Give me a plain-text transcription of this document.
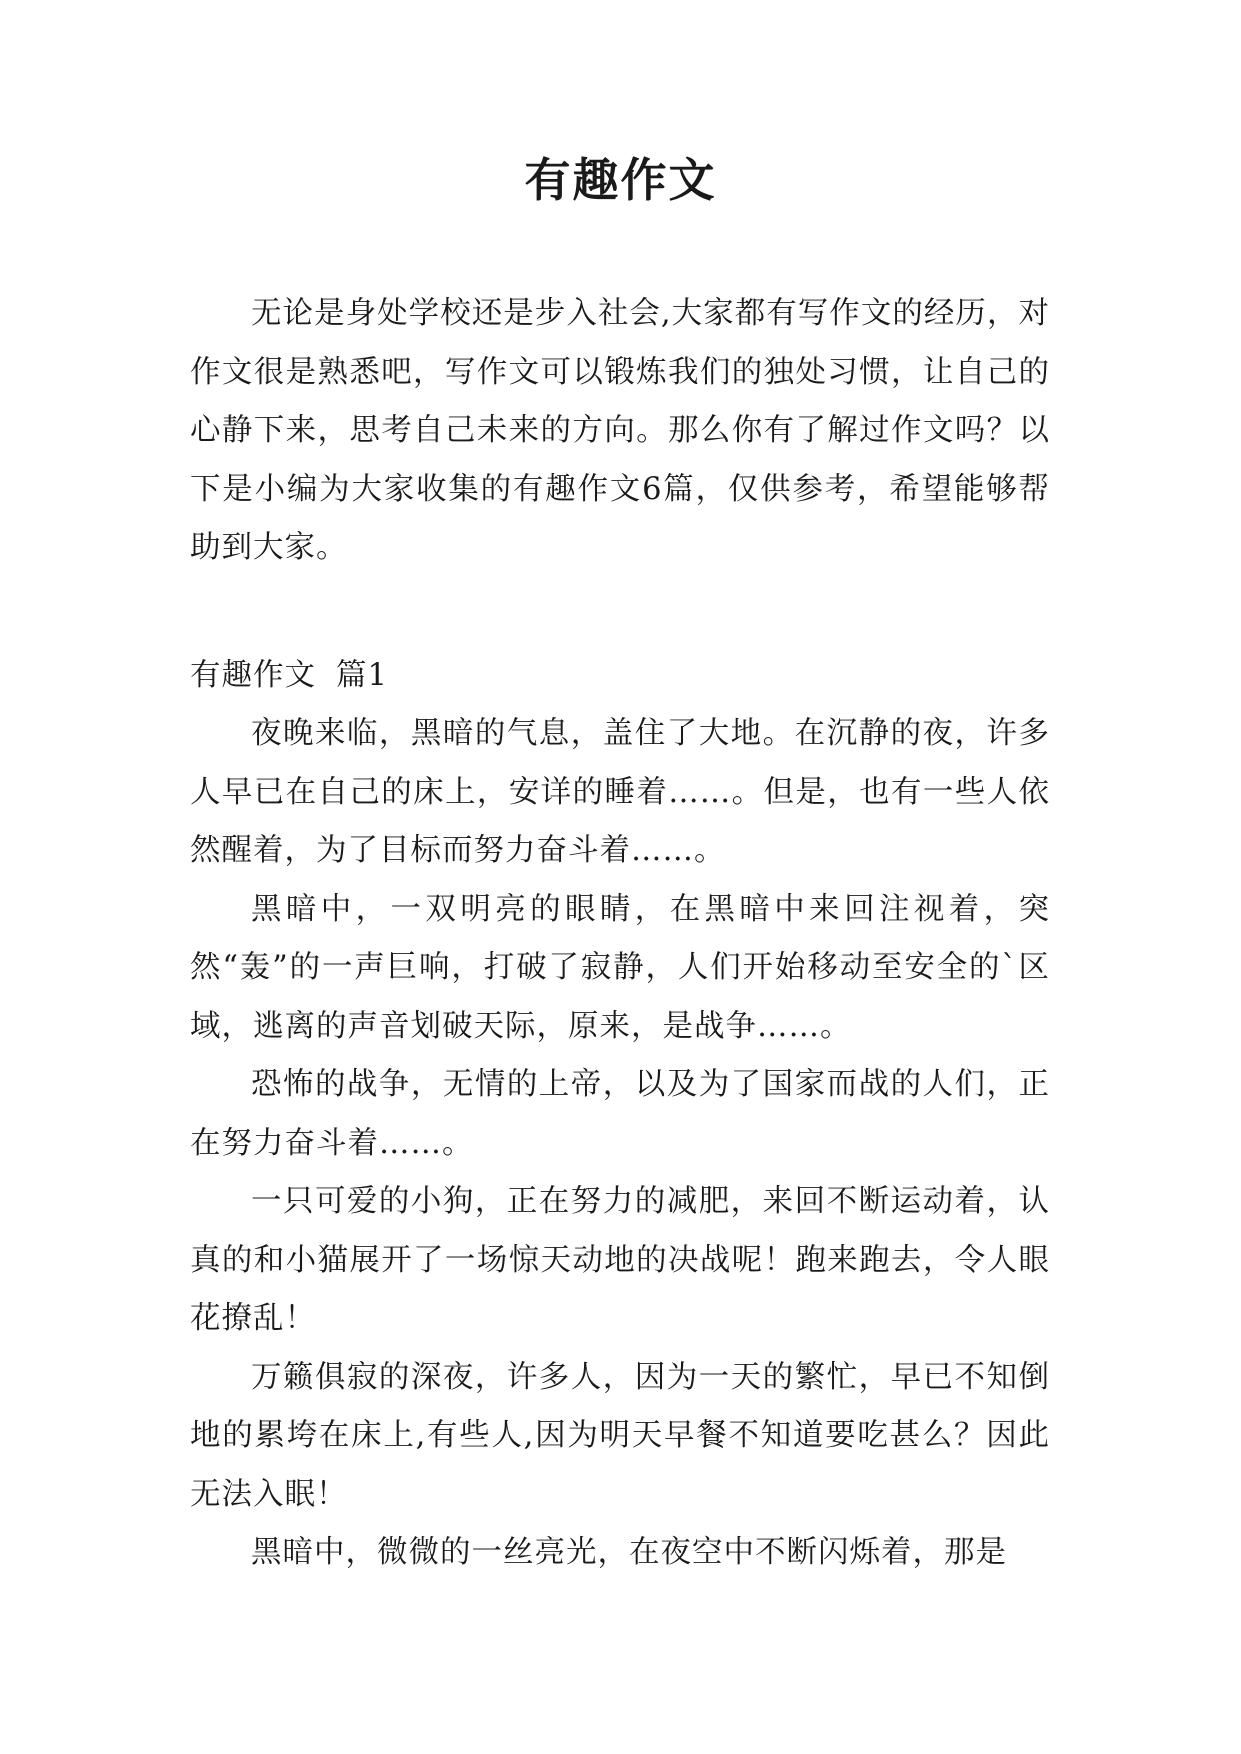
有趣作文

无论是身处学校还是步入社会,大家都有写作文的经历，对作文很是熟悉吧，写作文可以锻炼我们的独处习惯，让自己的心静下来，思考自己未来的方向。那么你有了解过作文吗？以下是小编为大家收集的有趣作文6篇，仅供参考，希望能够帮助到大家。

有趣作文 篇1

夜晚来临，黑暗的气息，盖住了大地。在沉静的夜，许多人早已在自己的床上，安详的睡着……。但是，也有一些人依然醒着，为了目标而努力奋斗着……。

黑暗中，一双明亮的眼睛，在黑暗中来回注视着，突然“轰”的一声巨响，打破了寂静，人们开始移动至安全的`区域，逃离的声音划破天际，原来，是战争……。

恐怖的战争，无情的上帝，以及为了国家而战的人们，正在努力奋斗着……。

一只可爱的小狗，正在努力的减肥，来回不断运动着，认真的和小猫展开了一场惊天动地的决战呢！跑来跑去，令人眼花撩乱！

万籁俱寂的深夜，许多人，因为一天的繁忙，早已不知倒地的累垮在床上,有些人,因为明天早餐不知道要吃甚么？因此无法入眠！

黑暗中，微微的一丝亮光，在夜空中不断闪烁着，那是
